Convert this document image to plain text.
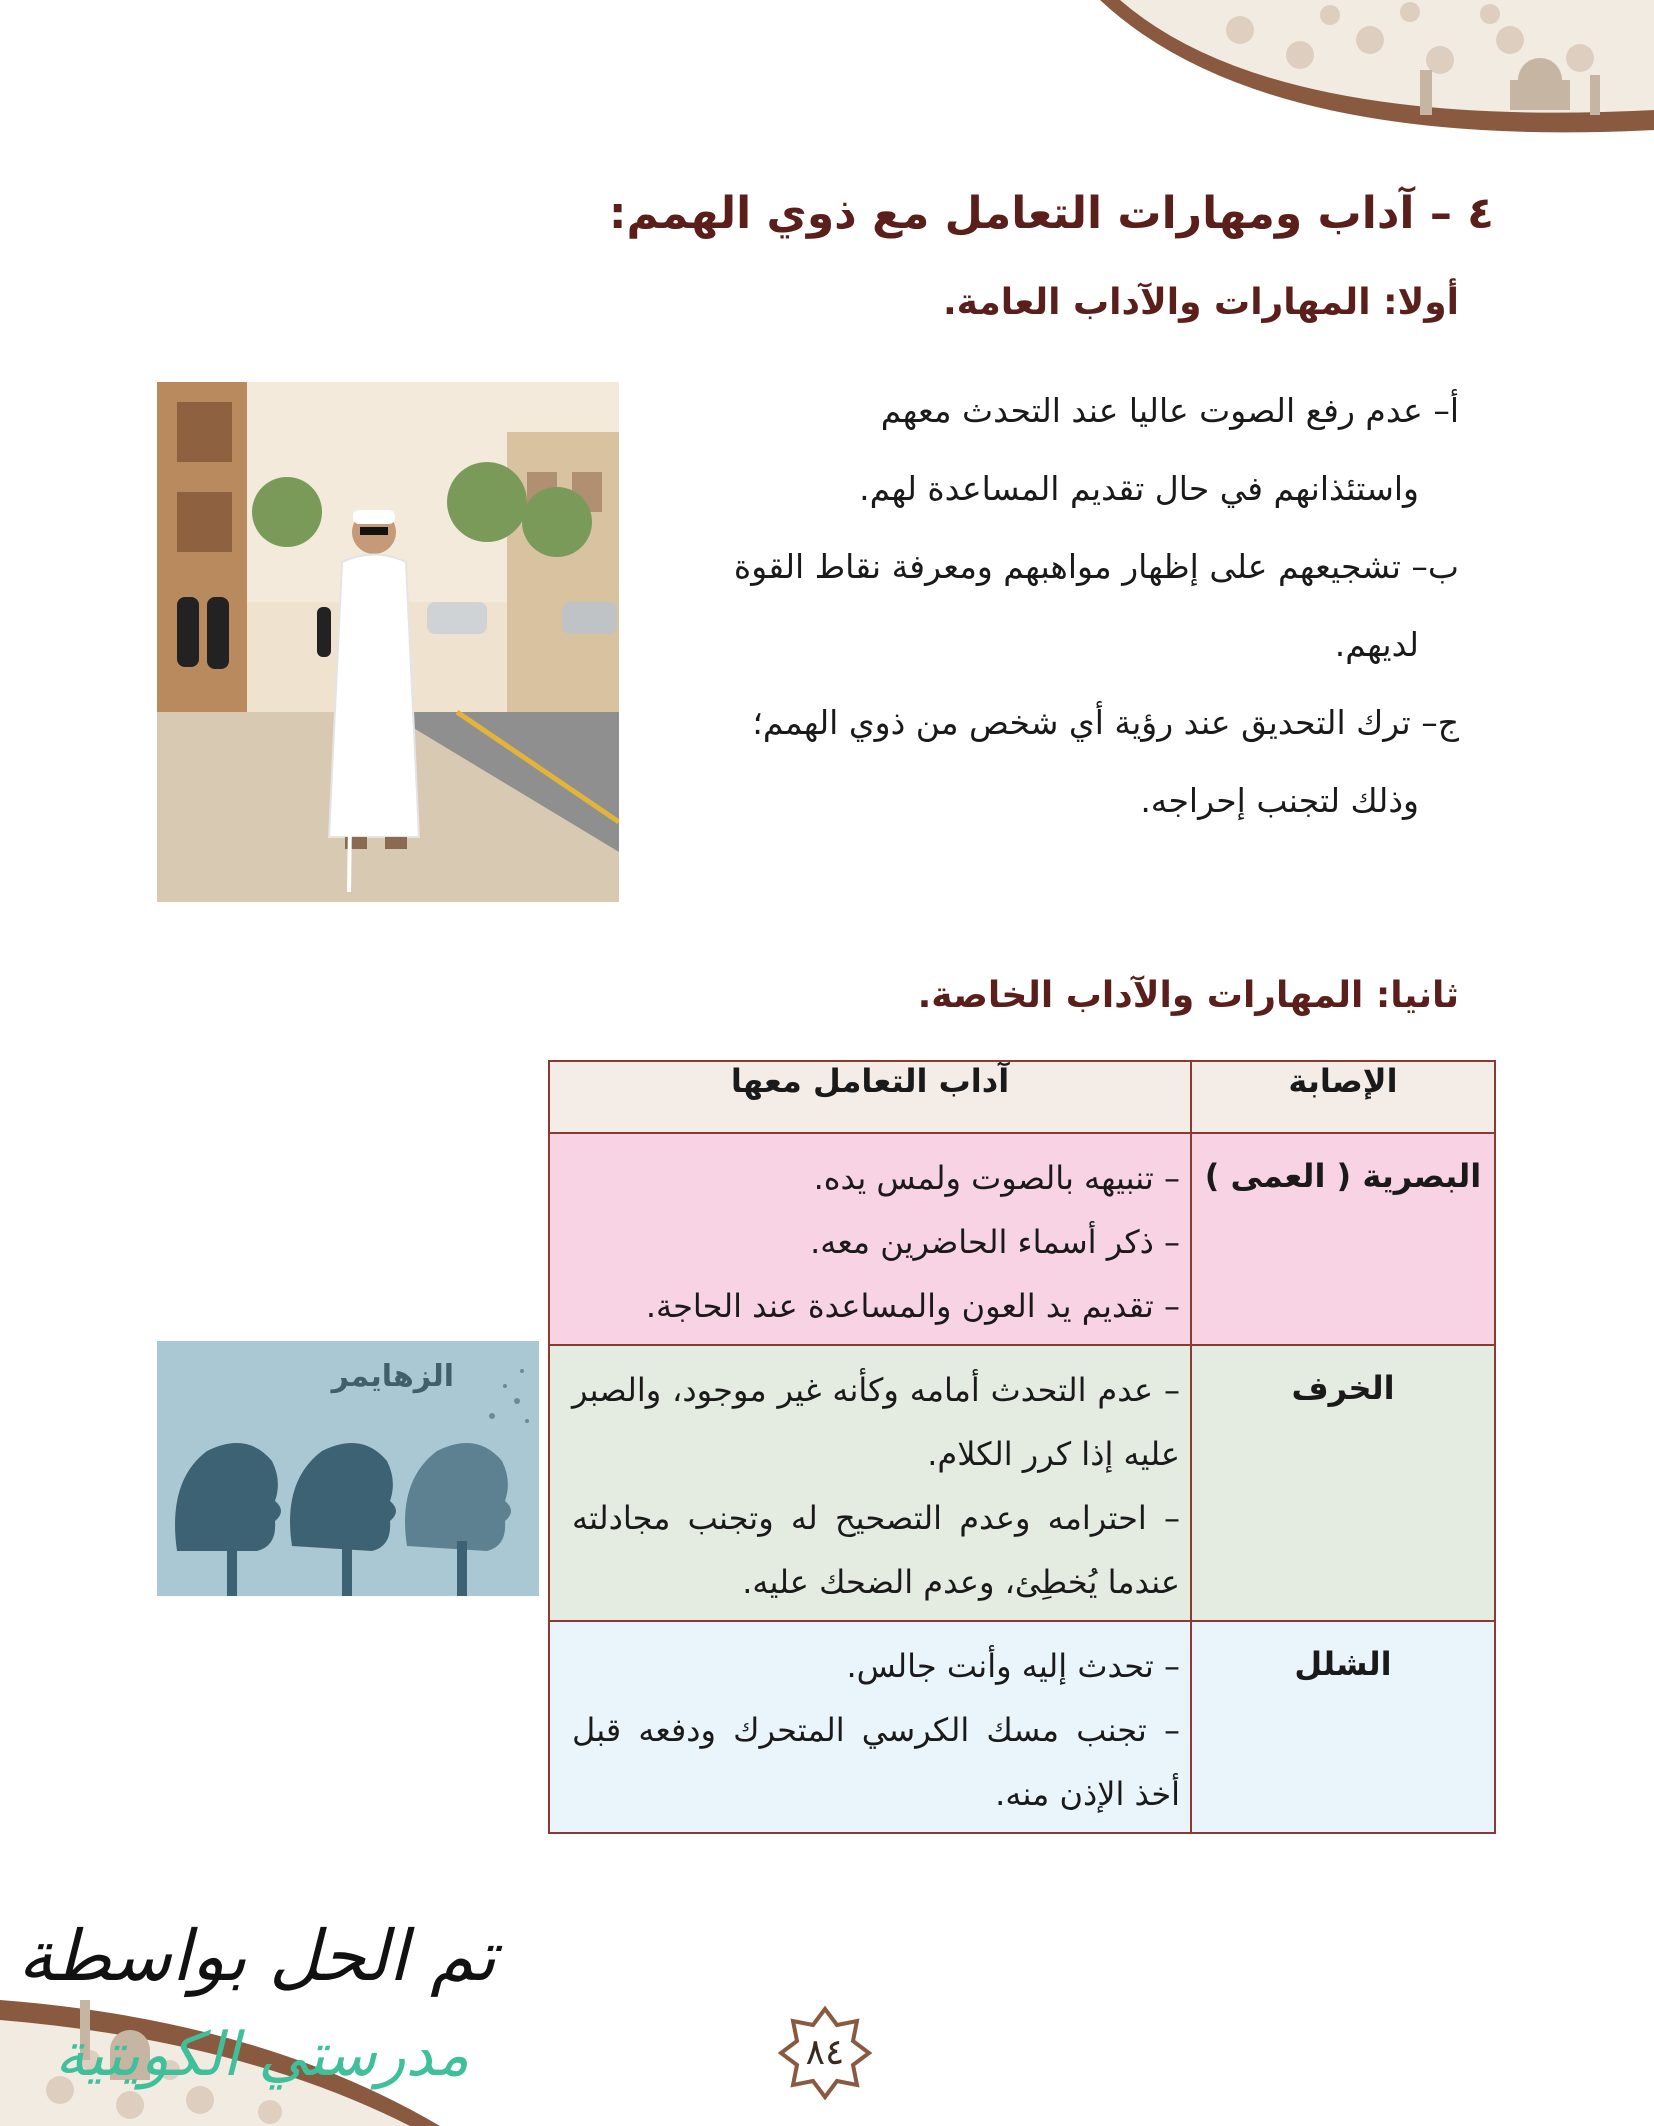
٤ – آداب ومهارات التعامل مع ذوي الهمم:
أولا: المهارات والآداب العامة.

أ– عدم رفع الصوت عاليا عند التحدث معهم

واستئذانهم في حال تقديم المساعدة لهم.

ب– تشجيعهم على إظهار مواهبهم ومعرفة نقاط القوة

لديهم.

ج– ترك التحديق عند رؤية أي شخص من ذوي الهمم؛

وذلك لتجنب إحراجه.

ثانيا: المهارات والآداب الخاصة.
الزهايمر
الإصابة	آداب التعامل معها
البصرية ( العمى )	– تنبيهه بالصوت ولمس يده.

– ذكر أسماء الحاضرين معه.

– تقديم يد العون والمساعدة عند الحاجة.

الخرف	– عدم التحدث أمامه وكأنه غير موجود، والصبر عليه إذا كرر الكلام.

– احترامه وعدم التصحيح له وتجنب مجادلته عندما يُخطِئ، وعدم الضحك عليه.

الشلل	– تحدث إليه وأنت جالس.

– تجنب مسك الكرسي المتحرك ودفعه قبل أخذ الإذن منه.

٨٤
تم الحل بواسطة
مدرستي الكويتية
